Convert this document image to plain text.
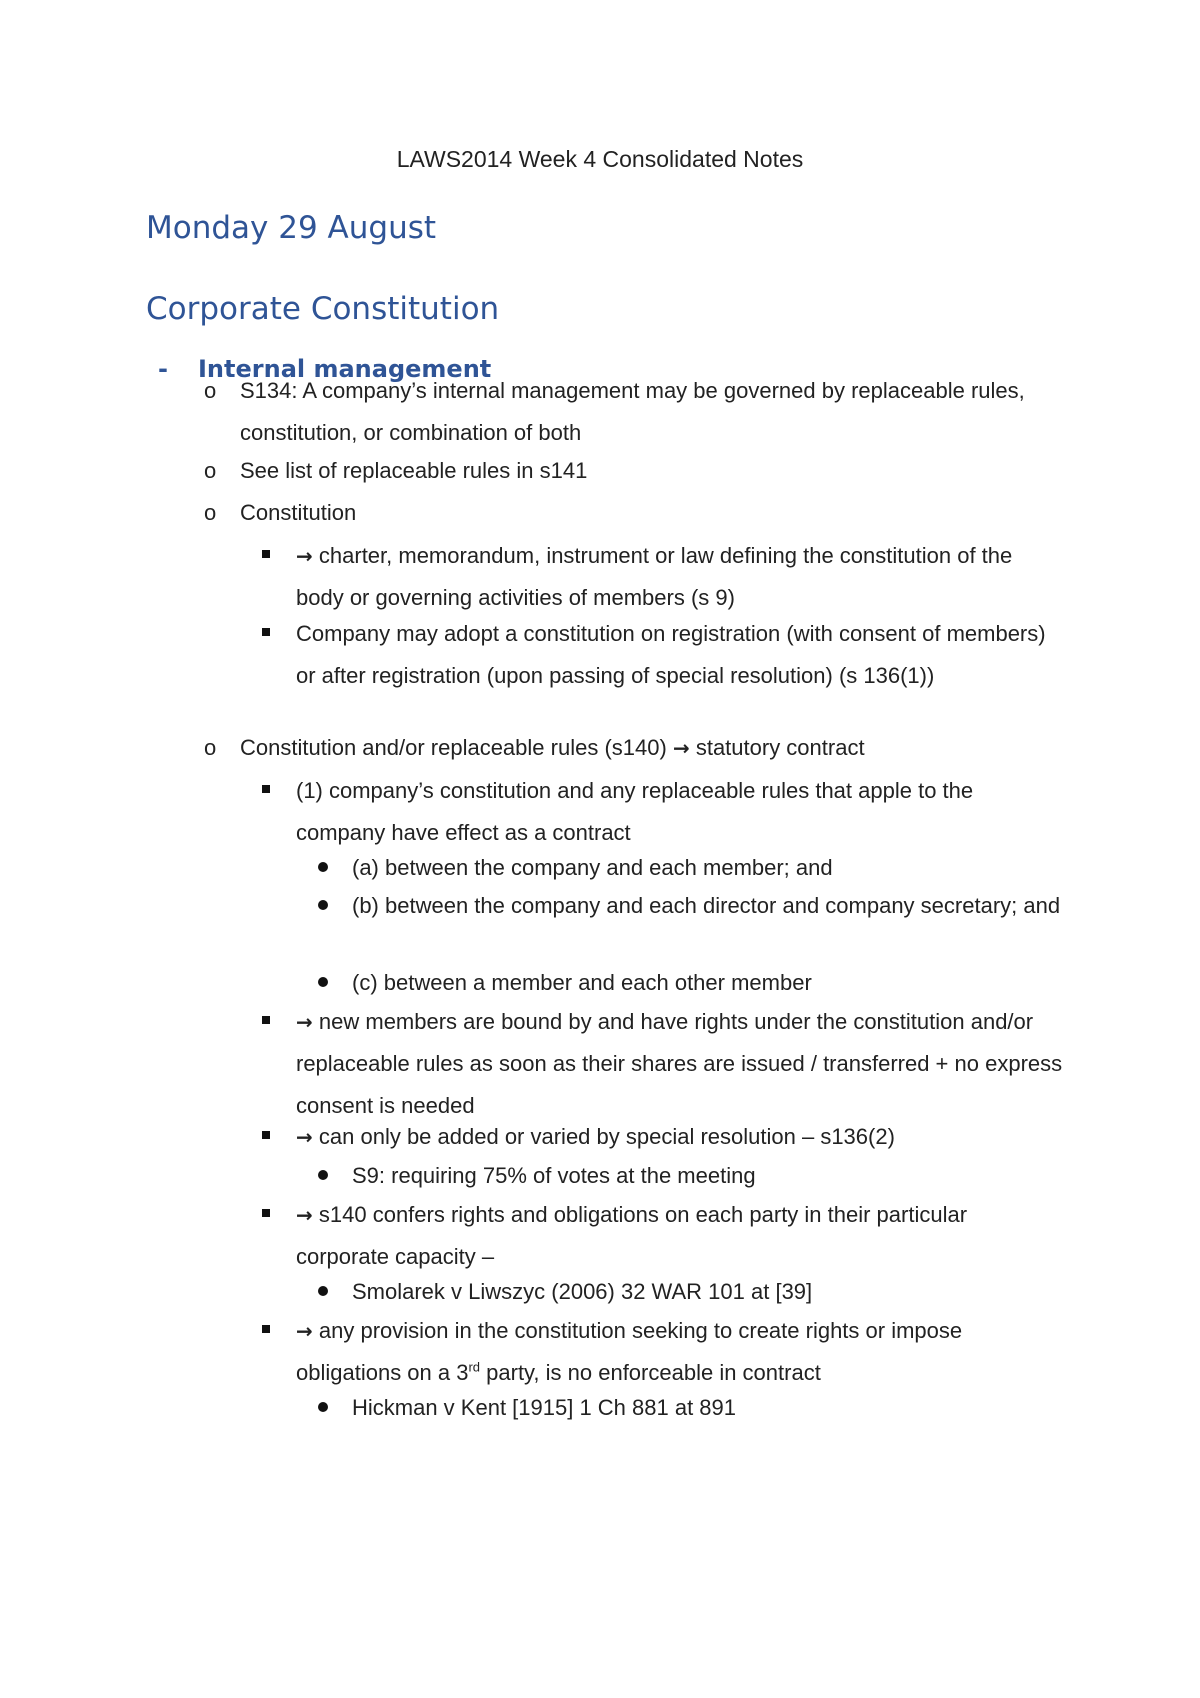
LAWS2014 Week 4 Consolidated Notes
Monday 29 August
Corporate Constitution
- Internal management
o S134: A company’s internal management may be governed by replaceable rules, constitution, or combination of both
o See list of replaceable rules in s141
o Constitution
→ charter, memorandum, instrument or law defining the constitution of the body or governing activities of members (s 9)
Company may adopt a constitution on registration (with consent of members) or after registration (upon passing of special resolution) (s 136(1))
o Constitution and/or replaceable rules (s140) → statutory contract
(1) company’s constitution and any replaceable rules that apple to the company have effect as a contract
(a) between the company and each member; and
(b) between the company and each director and company secretary; and
(c) between a member and each other member
→ new members are bound by and have rights under the constitution and/or replaceable rules as soon as their shares are issued / transferred + no express consent is needed
→ can only be added or varied by special resolution – s136(2)
S9: requiring 75% of votes at the meeting
→ s140 confers rights and obligations on each party in their particular corporate capacity –
Smolarek v Liwszyc (2006) 32 WAR 101 at [39]
→ any provision in the constitution seeking to create rights or impose obligations on a 3rd party, is no enforceable in contract
Hickman v Kent [1915] 1 Ch 881 at 891
